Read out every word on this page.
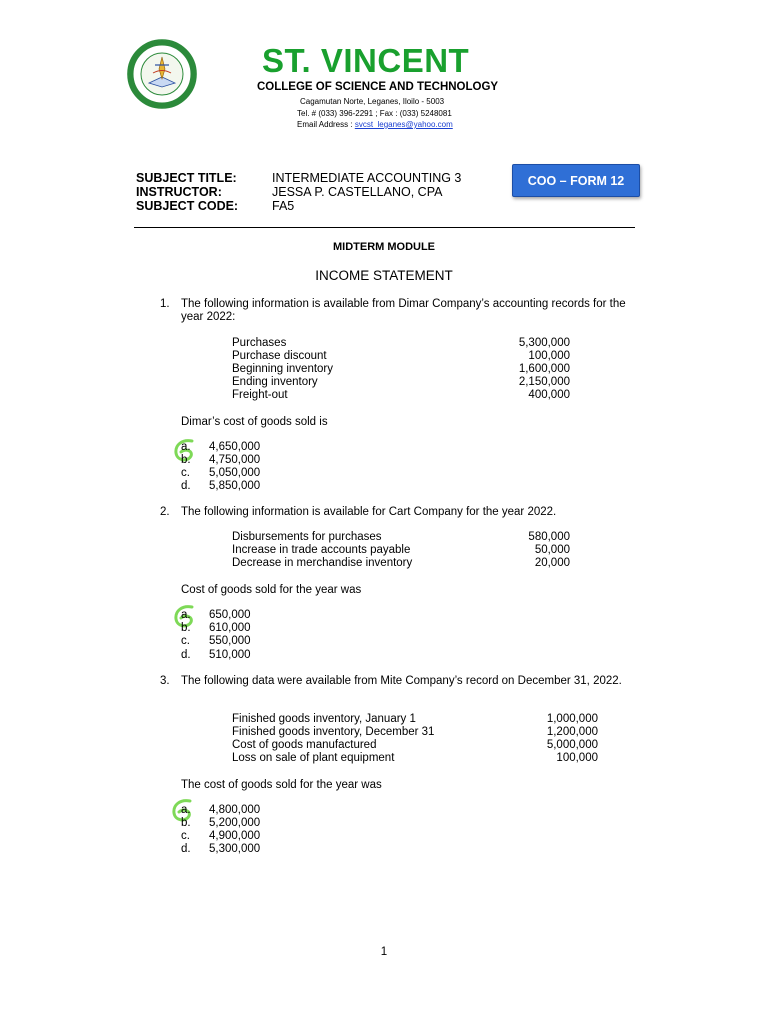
ST. VINCENT
COLLEGE OF SCIENCE AND TECHNOLOGY
Cagamutan Norte, Leganes, Iloilo - 5003
Tel. # (033) 396-2291 ; Fax : (033) 5248081
Email Address : svcst_leganes@yahoo.com
SUBJECT TITLE:	INTERMEDIATE ACCOUNTING 3
INSTRUCTOR:	JESSA P. CASTELLANO, CPA
SUBJECT CODE:	FA5
COO – FORM 12
MIDTERM MODULE
INCOME STATEMENT
1. The following information is available from Dimar Company’s accounting records for the year 2022:
Purchases	5,300,000
Purchase discount	100,000
Beginning inventory	1,600,000
Ending inventory	2,150,000
Freight-out	400,000
Dimar’s cost of goods sold is
a. 4,650,000
b. 4,750,000
c. 5,050,000
d. 5,850,000
2. The following information is available for Cart Company for the year 2022.
Disbursements for purchases	580,000
Increase in trade accounts payable	50,000
Decrease in merchandise inventory	20,000
Cost of goods sold for the year was
a. 650,000
b. 610,000
c. 550,000
d. 510,000
3. The following data were available from Mite Company’s record on December 31, 2022.
Finished goods inventory, January 1	1,000,000
Finished goods inventory, December 31	1,200,000
Cost of goods manufactured	5,000,000
Loss on sale of plant equipment	100,000
The cost of goods sold for the year was
a. 4,800,000
b. 5,200,000
c. 4,900,000
d. 5,300,000
1
